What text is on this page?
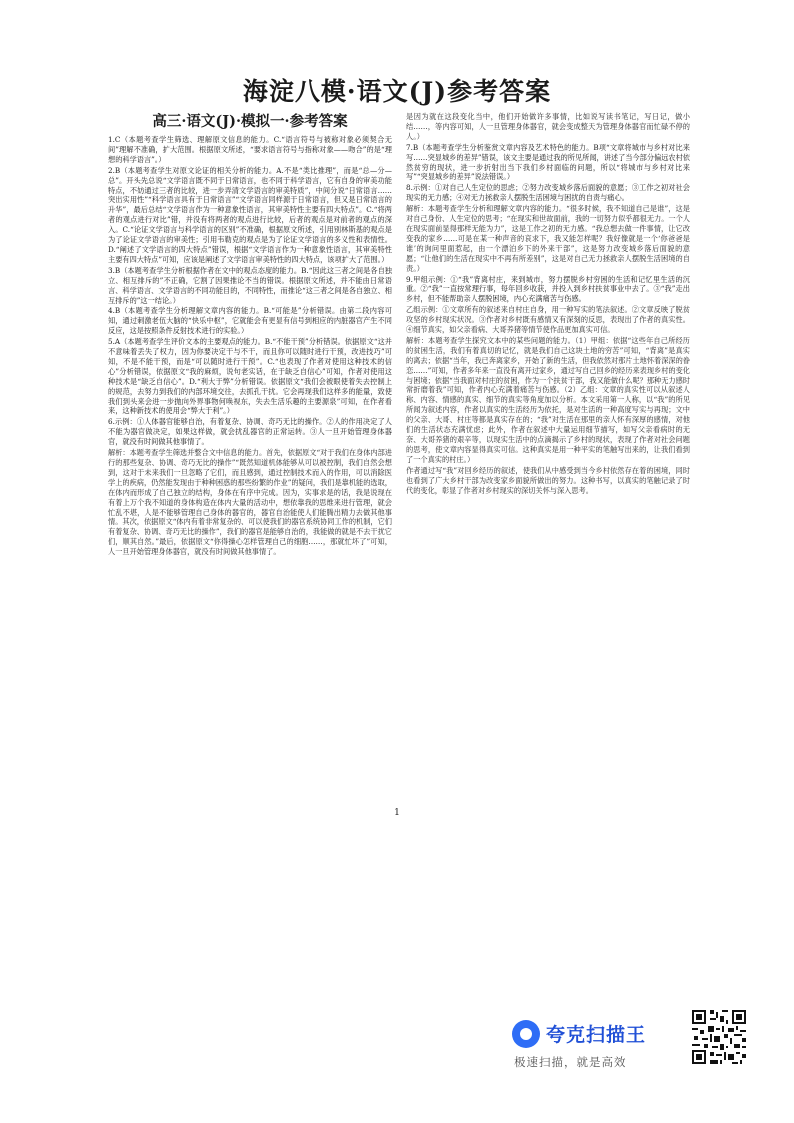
海淀八模·语文(J)参考答案
高三·语文(J)·模拟一·参考答案

1.C（本题考查学生筛选、理解原文信息的能力。C.“语言符号与被称对象必须契合无间”理解不准确，扩大范围。根据原文所述，“要求语言符号与指称对象——吻合”的是“理想的科学语言”。）

2.B（本题考查学生对原文论证的相关分析的能力。A.不是“类比推理”，而是“总—分—总”。开头先总说“文学语言既不同于日常语言，也不同于科学语言，它有自身的审美功能特点，不妨通过三者的比较，进一步弄清文学语言的审美特质”，中间分说“日常语言……突出实用性”“科学语言具有于日常语言”“文学语言同样源于日常语言，但又是日常语言的升华”，最后总结“文学语言作为一种意象性语言，其审美特性主要有四大特点”。C.“将两者的观点进行对比”错，并没有将两者的观点进行比较，后者的观点是对前者的观点的深入。C.“论证文学语言与科学语言的区别”不准确，根据原文所述，引用别林斯基的观点是为了论证文学语言的审美性；引用韦勒克的观点是为了论证文学语言的多义性和表情性。D.“阐述了文学语言的四大特点”错误，根据“文学语言作为一种意象性语言，其审美特性主要有四大特点”可知，应该是阐述了文学语言审美特性的四大特点，该项扩大了范围。）

3.B（本题考查学生分析根据作者在文中的观点态度的能力。B.“因此这三者之间是各自独立、相互排斥的”不正确，它割了因果推论不当的错误。根据原文所述，并不能由日常语言、科学语言、文学语言的不同功能目的，不同特性，而推论“这三者之间是各自独立、相互排斥的”这一结论。）

4.B（本题考查学生分析理解文章内容的能力。B.“可能是”分析错误。由第二段内容可知，通过刺激老伍大脑的“快乐中枢”，它就能会有更显有信号到相应的内脏器官产生不同反应，这是按照条件反射技术进行的实验。）

5.A（本题考查学生评价文本的主要观点的能力。B.“不能干预”分析错误。依据原文“这并不意味着丢失了权力，因为你要决定干与不干，而且你可以随时进行干预，改进技巧”可知，不是不能干预，而是“可以随时进行干预”。C.“也表现了作者对使用这种技术的信心”分析错误，依据原文“我的麻烦，说句老实话，在于缺乏自信心”可知，作者对使用这种技术是“缺乏自信心”。D.“利大于弊”分析错误。依据原文“我们会被眼使着失去控制上的规范，去努力到我们的内部环境交往，去抓孔干扰。它会再现我们这样多的能量，致使我们到头来会进一步抛向外界事物何唤视东，失去生活乐趣的主要源泉”可知，在作者看来，这种新技术的使用会“弊大于利”。）

6.示例：①人体器官能够自治，有着复杂、协调、奇巧无比的操作。②人的作用决定了人不能为器官做决定，如果这样做，就会扰乱器官的正常运转。③人一旦开始管理身体器官，就没有时间做其他事情了。

解析：本题考查学生筛选并整合文中信息的能力。首先，依据原文“对于我们在身体内部进行的那些复杂、协调、奇巧无比的操作”“既然知道机体能够从可以被控制，我们自然会想到，这对于未来我们一旦忽略了它们，而且感到，通过控制技术而入的作用，可以消除医学上的疾病，仍然能发现由于种种困惑的那些纷繁的作业”的疑问，我们是靠机能的选取，在体内而形成了自己独立的结构，身体在有序中完成。因为，实事求是的话，我是说现在有着上万个我不知道的身体构造在体内大量的活动中，想依靠我的思维来进行管理，就会忙乱不堪，人是不能够管理自己身体的器官的，器官自治能使人们能腾出精力去做其他事情。其次，依据原文“体内有着非常复杂的、可以使我们的器官系统协同工作的机制，它们有着复杂、协调、奇巧无比的操作”，我们的器官是能够自治的，我能做的就是不去干扰它们，顺其自然。”最后，依据原文“你得操心怎样管理自己的细胞……，那就忙坏了”可知，人一旦开始管理身体器官，就没有时间做其他事情了。

是因为就在这段变化当中，他们开始做许多事情，比如说写读书笔记，写日记，做小结……，等内容可知，人一旦管理身体器官，就会变成整天为管理身体器官而忙碌不停的人。）

7.B（本题考查学生分析鉴赏文章内容及艺术特色的能力。B项“文章将城市与乡村对比来写……突显城乡的差异”错误，该文主要是通过我的所见所闻，讲述了当今部分偏远农村依然贫穷的现状，进一步折射出当下我们乡村面临的问题，所以“将城市与乡村对比来写”“突显城乡的差异”说法错误。）

8.示例：①对自己人生定位的思虑；②努力改变城乡落后面貌的意愿；③工作之初对社会现实的无力感；④对无力拯救亲人摆脱生活困境与困扰的自责与痛心。

解析：本题考查学生分析和理解文章内容的能力。“很多时候，我不知道自己是谁”，这是对自己身份、人生定位的思考；“在现实和世故面前，我的一切努力似乎都很无力。一个人在现实面前显得那样无能为力”，这是工作之初的无力感。“我总想去做一件事情，让它改变我的家乡……可是在某一种声音的哀求下，我又能怎样呢？我好像就是一个‘你爸爸是谁’的询问里面惹起，由一个漂泊乡下的外来干部”，这是努力改变城乡落后面貌的意愿；“让他们的生活在现实中不再有所差别”，这是对自己无力拯救亲人摆脱生活困境的自责。）

9.甲组示例：①“我”背离村庄，来到城市，努力摆脱乡村穷困的生活和记忆里生活的沉重。②“我”一直按常理行事，每年回乡收获，并投入到乡村扶贫事业中去了。③“我”走出乡村，但不能帮助亲人摆脱困境，内心充满痛苦与伤感。

乙组示例：①文章所有的叙述来自村庄自身，用一种写实的笔法叙述。②文章反映了脱贫攻坚的乡村现实状况。③作者对乡村既有感情又有深刻的反思，表现出了作者的真实性。④细节真实，如父亲看病、大哥养猪等情节使作品更加真实可信。

解析：本题考查学生探究文本中的某些问题的能力。（1）甲组：依据“这些年自己所经历的贫困生活，我们有着真切的记忆，就是我们自己这块土地的穷苦”可知，“背离”是真实的离去；依据“当年，我已奔离家乡，开始了新的生活，但我依然对那片土地怀着深深的眷恋……”可知，作者多年来一直没有离开过家乡，通过写自己回乡的经历来表现乡村的变化与困境；依据“当我面对村庄的贫困，作为一个扶贫干部，我又能做什么呢？那种无力感时常折磨着我”可知，作者内心充满着痛苦与伤感。（2）乙组：文章的真实性可以从叙述人称、内容、情感的真实、细节的真实等角度加以分析。本文采用第一人称，以“我”的所见所闻为叙述内容，作者以真实的生活经历为依托，是对生活的一种高度写实与再现；文中的父亲、大哥、村庄等都是真实存在的；“我”对生活在那里的亲人怀有深厚的感情，对他们的生活状态充满忧虑；此外，作者在叙述中大量运用细节描写，如写父亲看病时的无奈、大哥养猪的艰辛等，以现实生活中的点滴揭示了乡村的现状，表现了作者对社会问题的思考，使文章内容显得真实可信。这种真实是用一种平实的笔触写出来的，让我们看到了一个真实的村庄。）

作者通过写“我”对回乡经历的叙述，使我们从中感受到当今乡村依然存在着的困境，同时也看到了广大乡村干部为改变家乡面貌所做出的努力。这种书写，以真实的笔触记录了时代的变化，彰显了作者对乡村现实的深切关怀与深入思考。

1
夸克扫描王
极速扫描，就是高效
